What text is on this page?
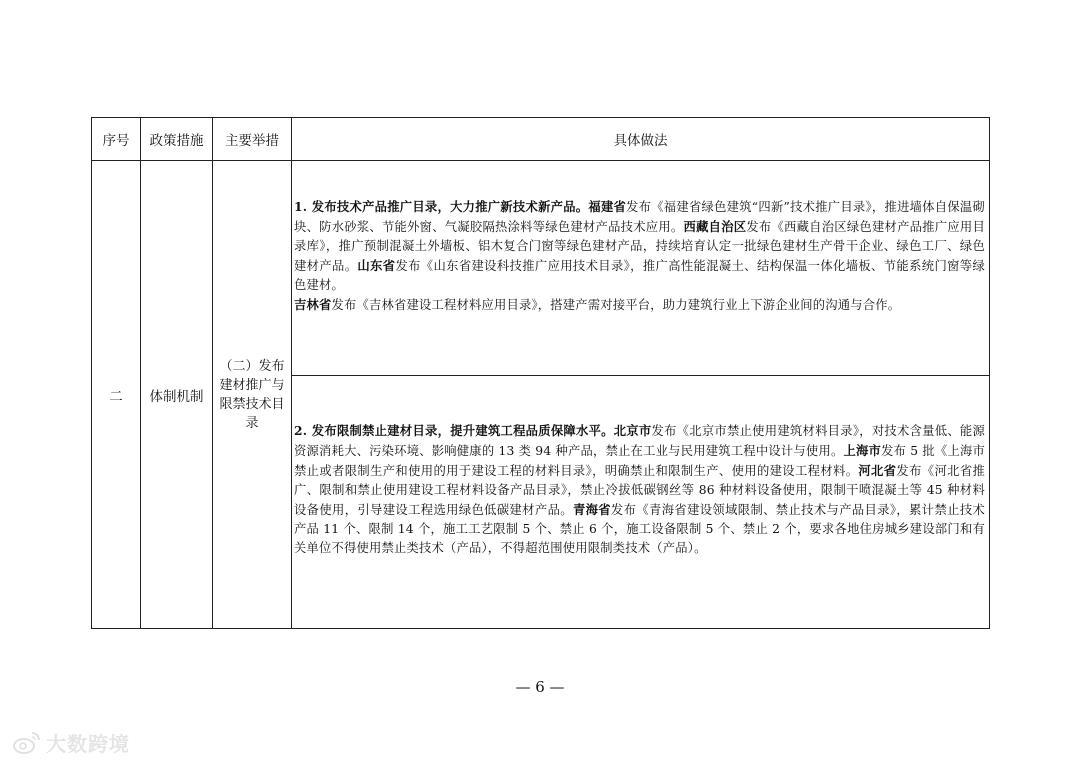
序号	政策措施	主要举措	具体做法
二	体制机制	（二）发布建材推广与限禁技术目录	1. 发布技术产品推广目录，大力推广新技术新产品。福建省发布《福建省绿色建筑“四新”技术推广目录》，推进墙体自保温砌块、防水砂浆、节能外窗、气凝胶隔热涂料等绿色建材产品技术应用。西藏自治区发布《西藏自治区绿色建材产品推广应用目录库》，推广预制混凝土外墙板、铝木复合门窗等绿色建材产品，持续培育认定一批绿色建材生产骨干企业、绿色工厂、绿色建材产品。山东省发布《山东省建设科技推广应用技术目录》，推广高性能混凝土、结构保温一体化墙板、节能系统门窗等绿色建材。
吉林省发布《吉林省建设工程材料应用目录》，搭建产需对接平台，助力建筑行业上下游企业间的沟通与合作。

			2. 发布限制禁止建材目录，提升建筑工程品质保障水平。北京市发布《北京市禁止使用建筑材料目录》，对技术含量低、能源资源消耗大、污染环境、影响健康的 13 类 94 种产品，禁止在工业与民用建筑工程中设计与使用。上海市发布 5 批《上海市禁止或者限制生产和使用的用于建设工程的材料目录》，明确禁止和限制生产、使用的建设工程材料。河北省发布《河北省推广、限制和禁止使用建设工程材料设备产品目录》，禁止冷拔低碳钢丝等 86 种材料设备使用，限制干喷混凝土等 45 种材料设备使用，引导建设工程选用绿色低碳建材产品。青海省发布《青海省建设领域限制、禁止技术与产品目录》，累计禁止技术产品 11 个、限制 14 个，施工工艺限制 5 个、禁止 6 个，施工设备限制 5 个、禁止 2 个，要求各地住房城乡建设部门和有关单位不得使用禁止类技术（产品），不得超范围使用限制类技术（产品）。
— 6 —
大数跨境
